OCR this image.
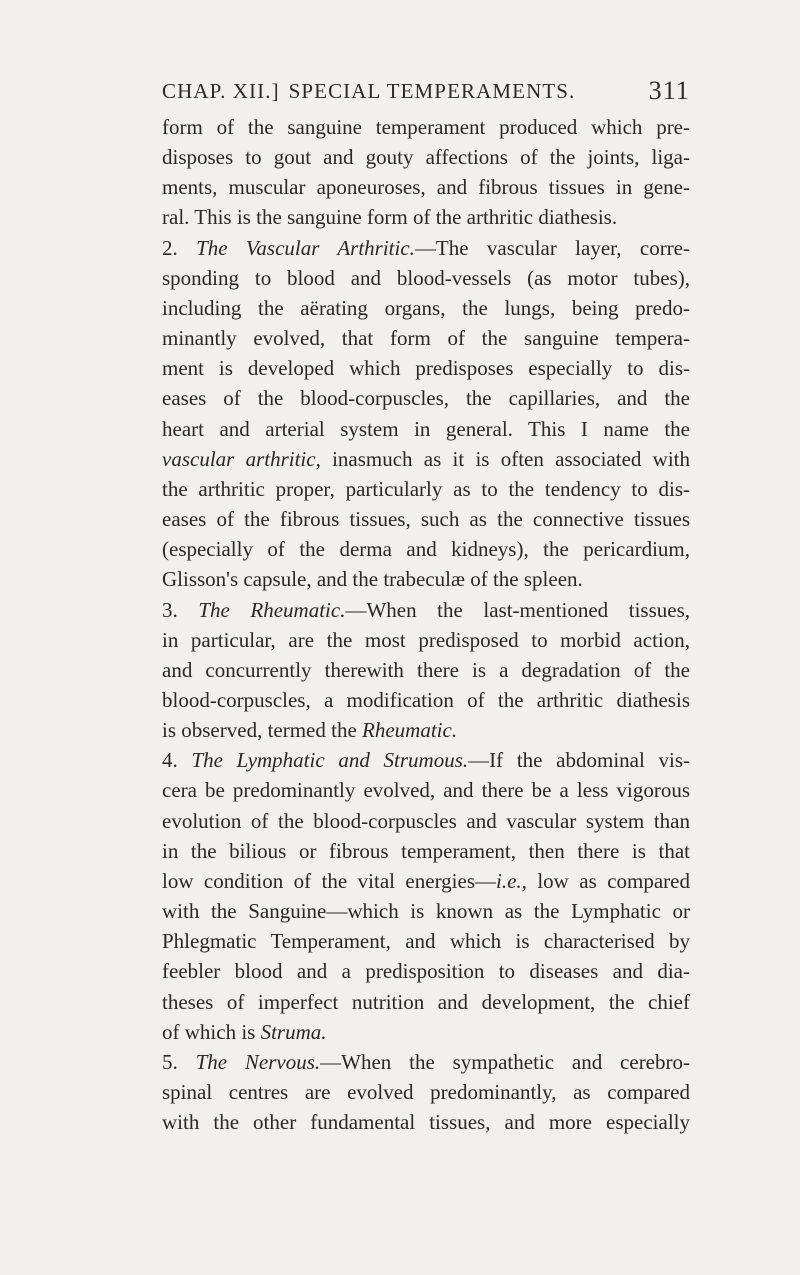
CHAP. XII.] SPECIAL TEMPERAMENTS.	311
form of the sanguine temperament produced which pre-
disposes to gout and gouty affections of the joints, liga-
ments, muscular aponeuroses, and fibrous tissues in gene-
ral. This is the sanguine form of the arthritic diathesis.
2. The Vascular Arthritic.—The vascular layer, corre-
sponding to blood and blood-vessels (as motor tubes),
including the aërating organs, the lungs, being predo-
minantly evolved, that form of the sanguine tempera-
ment is developed which predisposes especially to dis-
eases of the blood-corpuscles, the capillaries, and the
heart and arterial system in general. This I name the
vascular arthritic, inasmuch as it is often associated with
the arthritic proper, particularly as to the tendency to dis-
eases of the fibrous tissues, such as the connective tissues
(especially of the derma and kidneys), the pericardium,
Glisson's capsule, and the trabeculæ of the spleen.
3. The Rheumatic.—When the last-mentioned tissues,
in particular, are the most predisposed to morbid action,
and concurrently therewith there is a degradation of the
blood-corpuscles, a modification of the arthritic diathesis
is observed, termed the Rheumatic.
4. The Lymphatic and Strumous.—If the abdominal vis-
cera be predominantly evolved, and there be a less vigorous
evolution of the blood-corpuscles and vascular system than
in the bilious or fibrous temperament, then there is that
low condition of the vital energies—i.e., low as compared
with the Sanguine—which is known as the Lymphatic or
Phlegmatic Temperament, and which is characterised by
feebler blood and a predisposition to diseases and dia-
theses of imperfect nutrition and development, the chief
of which is Struma.
5. The Nervous.—When the sympathetic and cerebro-
spinal centres are evolved predominantly, as compared
with the other fundamental tissues, and more especially
